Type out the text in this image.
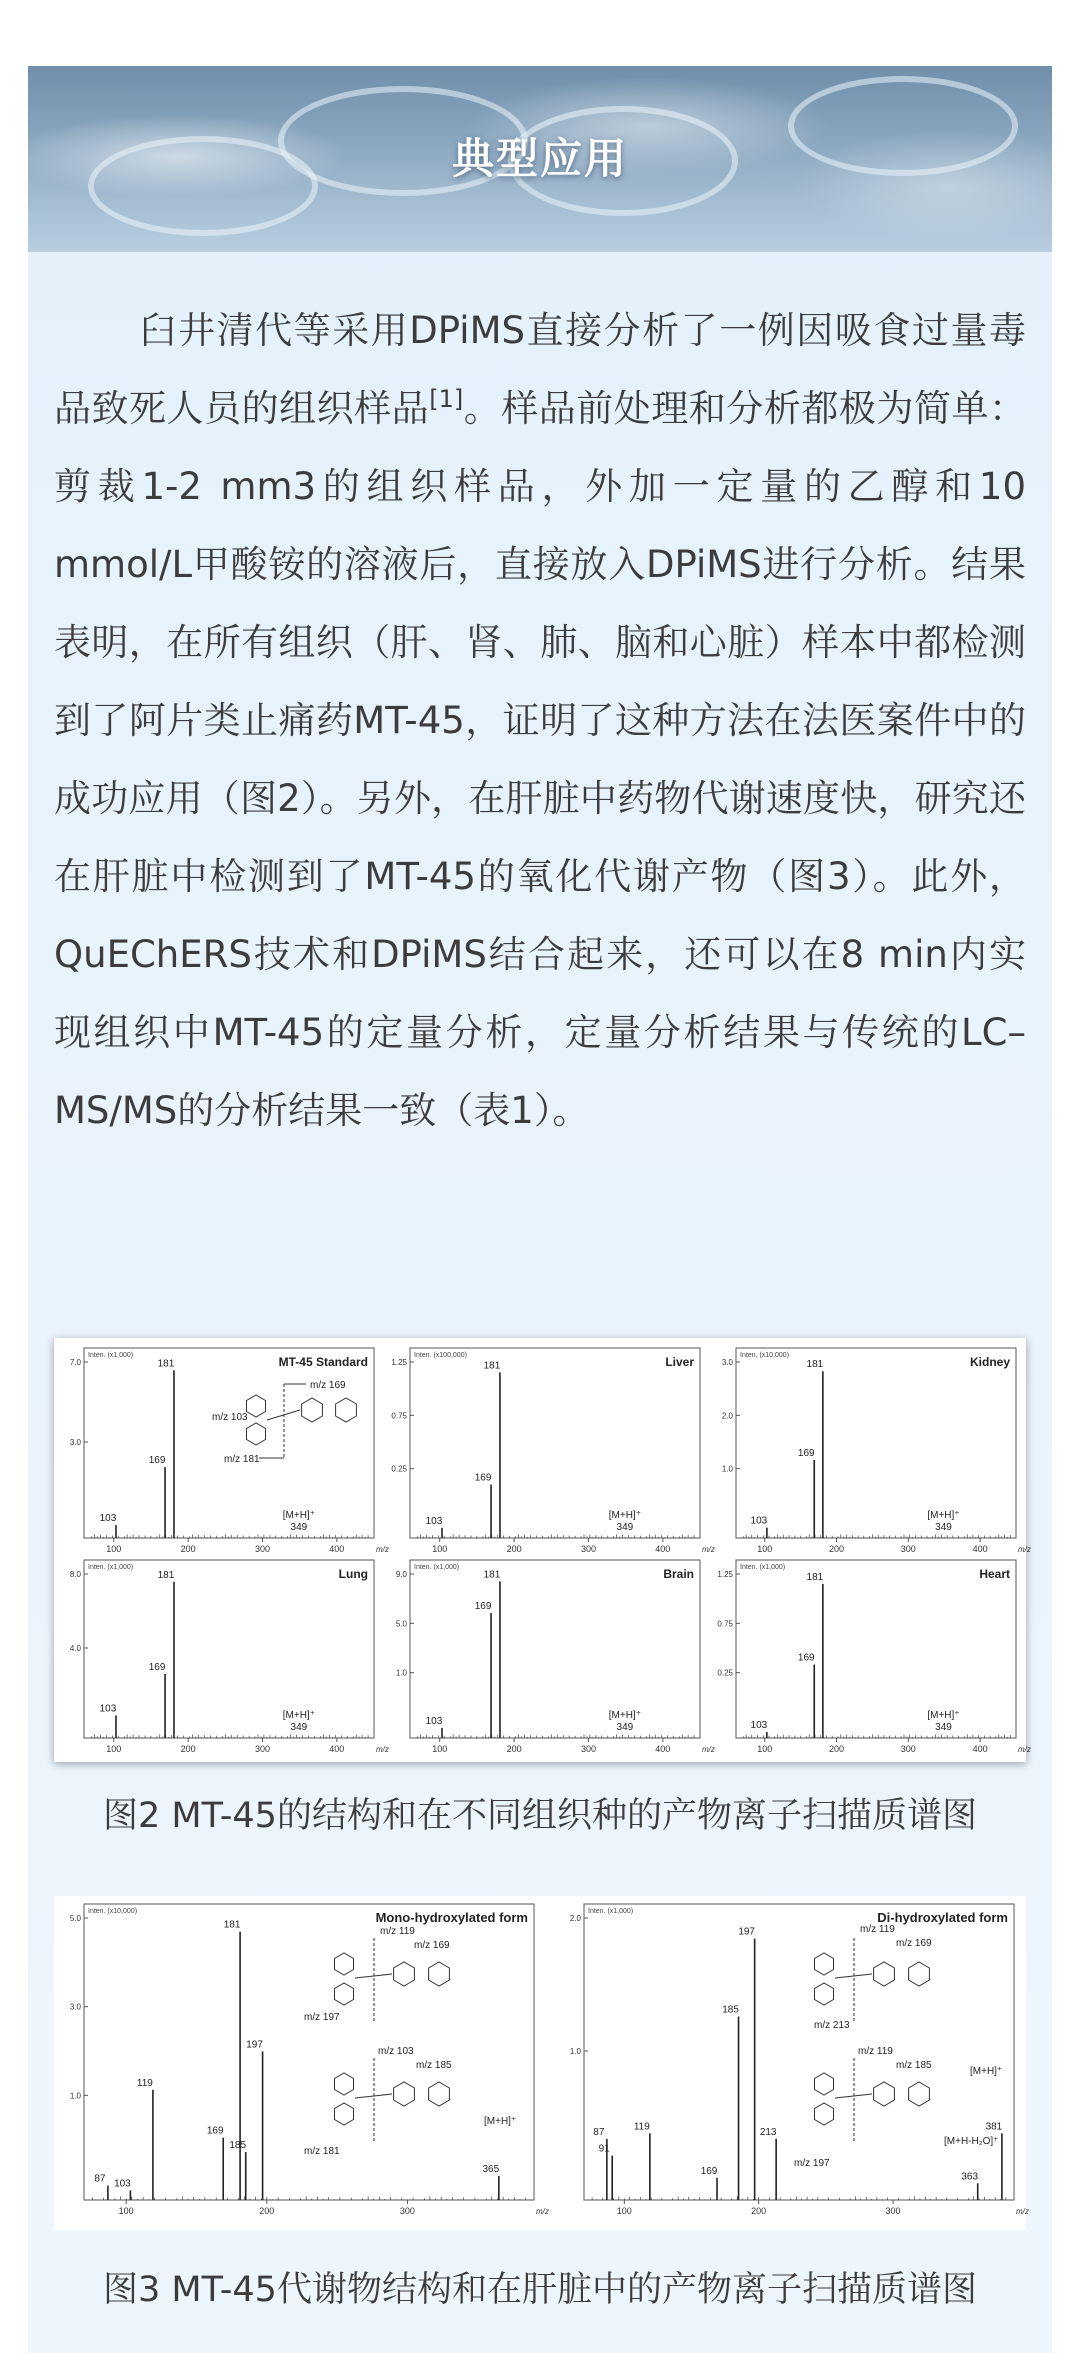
典型应用
臼井清代等采用DPiMS直接分析了一例因吸食过量毒品致死人员的组织样品[1]。样品前处理和分析都极为简单：剪裁1-2 mm3的组织样品，外加一定量的乙醇和10 mmol/L甲酸铵的溶液后，直接放入DPiMS进行分析。结果表明，在所有组织（肝、肾、肺、脑和心脏）样本中都检测到了阿片类止痛药MT-45，证明了这种方法在法医案件中的成功应用（图2）。另外，在肝脏中药物代谢速度快，研究还在肝脏中检测到了MT-45的氧化代谢产物（图3）。此外，QuEChERS技术和DPiMS结合起来，还可以在8 min内实现组织中MT-45的定量分析，定量分析结果与传统的LC–MS/MS的分析结果一致（表1）。
Inten. (x1,000)	MT-45 Standard
7.0
3.0
100	200	300	400	m/z
103
169
181
349
[M+H]⁺
m/z 169
m/z 103
m/z 181
Inten. (x100,000)	Liver
1.25
0.75
0.25
100	200	300	400	m/z
103
169
181
349
[M+H]⁺
Inten. (x10,000)	Kidney
3.0
2.0
1.0
100	200	300	400	m/z
103
169
181
349
[M+H]⁺
Inten. (x1,000)	Lung
8.0
4.0
100	200	300	400	m/z
103
169
181
349
[M+H]⁺
Inten. (x1,000)	Brain
9.0
5.0
1.0
100	200	300	400	m/z
103
169
181
349
[M+H]⁺
Inten. (x1,000)	Heart
1.25
0.75
0.25
100	200	300	400	m/z
103
169
181
349
[M+H]⁺
图2 MT-45的结构和在不同组织种的产物离子扫描质谱图
Inten. (x10,000)	Mono-hydroxylated form
5.0
3.0
1.0
100	200	300	m/z
87 103
119
169
181
185
197
365
m/z 119
m/z 169
m/z 197
m/z 103
m/z 185
m/z 181
[M+H]⁺
Inten. (x1,000)	Di-hydroxylated form
2.0
1.0
100	200	300	m/z
87
91
119
169
185
197
213
363
381
m/z 119
m/z 169
m/z 213
m/z 119
m/z 185
m/z 197
[M+H]⁺
[M+H-H₂O]⁺
图3 MT-45代谢物结构和在肝脏中的产物离子扫描质谱图
